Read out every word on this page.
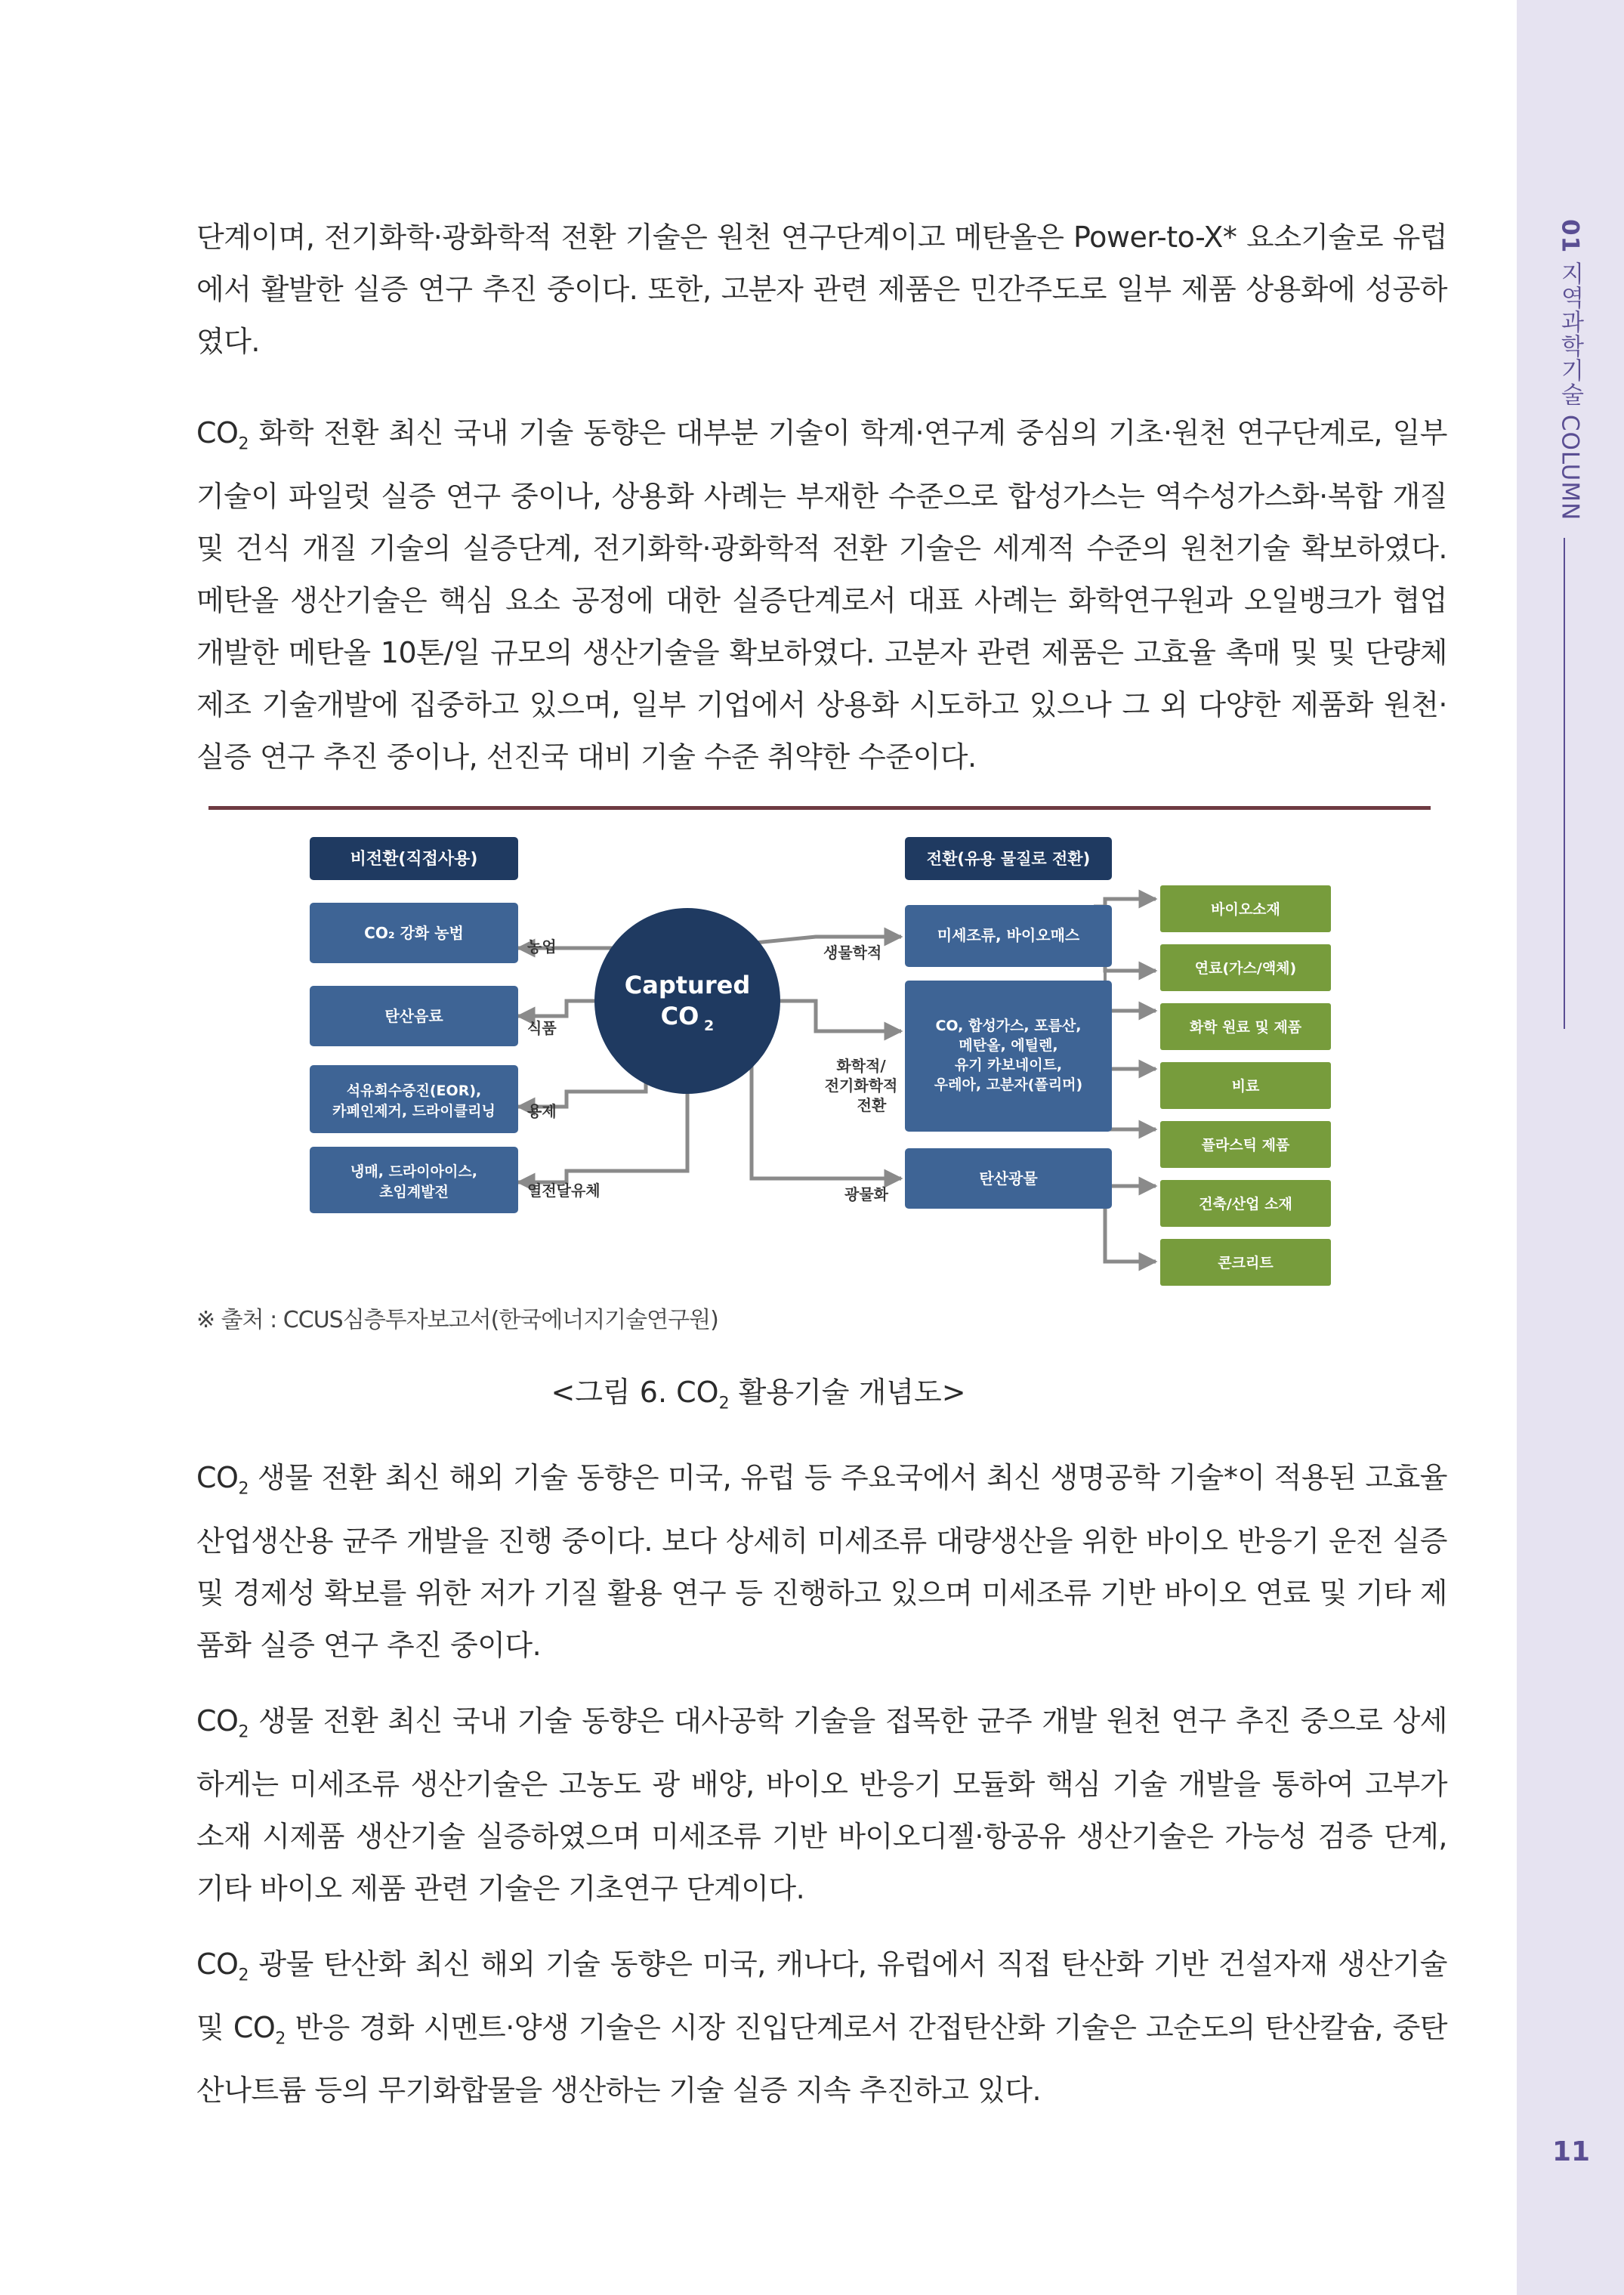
01 지역과학기술 COLUMN
11

단계이며, 전기화학·광화학적 전환 기술은 원천 연구단계이고 메탄올은 Power-to-X* 요소기술로 유럽에서 활발한 실증 연구 추진 중이다. 또한, 고분자 관련 제품은 민간주도로 일부 제품 상용화에 성공하였다.

$CO_2$ 화학 전환 최신 국내 기술 동향은 대부분 기술이 학계·연구계 중심의 기초·원천 연구단계로, 일부 기술이 파일럿 실증 연구 중이나, 상용화 사례는 부재한 수준으로 합성가스는 역수성가스화·복합 개질 및 건식 개질 기술의 실증단계, 전기화학·광화학적 전환 기술은 세계적 수준의 원천기술 확보하였다. 메탄올 생산기술은 핵심 요소 공정에 대한 실증단계로서 대표 사례는 화학연구원과 오일뱅크가 협업 개발한 메탄올 10톤/일 규모의 생산기술을 확보하였다. 고분자 관련 제품은 고효율 촉매 및 및 단량체 제조 기술개발에 집중하고 있으며, 일부 기업에서 상용화 시도하고 있으나 그 외 다양한 제품화 원천·실증 연구 추진 중이나, 선진국 대비 기술 수준 취약한 수준이다.

비전환(직접사용)
CO₂ 강화 농법
농업
탄산음료
식품
석유회수증진(EOR),
카페인제거, 드라이클리닝 용제
냉매, 드라이아이스,
초임계발전	열전달유체
Captured
CO 2
전환(유용 물질로 전환)
미세조류, 바이오매스
생물학적
CO, 합성가스, 포름산,
메탄올, 에틸렌,
유기 카보네이트,
우레아, 고분자(폴리머)
화학적/
전기화학적
전환
탄산광물
광물화
바이오소재
연료(가스/액체)
화학 원료 및 제품
비료
플라스틱 제품
건축/산업 소재
콘크리트
※ 출처 : CCUS심층투자보고서(한국에너지기술연구원)
<그림 6. $CO_2$ 활용기술 개념도>

$CO_2$ 생물 전환 최신 해외 기술 동향은 미국, 유럽 등 주요국에서 최신 생명공학 기술*이 적용된 고효율 산업생산용 균주 개발을 진행 중이다. 보다 상세히 미세조류 대량생산을 위한 바이오 반응기 운전 실증 및 경제성 확보를 위한 저가 기질 활용 연구 등 진행하고 있으며 미세조류 기반 바이오 연료 및 기타 제품화 실증 연구 추진 중이다.

$CO_2$ 생물 전환 최신 국내 기술 동향은 대사공학 기술을 접목한 균주 개발 원천 연구 추진 중으로 상세하게는 미세조류 생산기술은 고농도 광 배양, 바이오 반응기 모듈화 핵심 기술 개발을 통하여 고부가 소재 시제품 생산기술 실증하였으며 미세조류 기반 바이오디젤·항공유 생산기술은 가능성 검증 단계, 기타 바이오 제품 관련 기술은 기초연구 단계이다.

$CO_2$ 광물 탄산화 최신 해외 기술 동향은 미국, 캐나다, 유럽에서 직접 탄산화 기반 건설자재 생산기술 및 $CO_2$ 반응 경화 시멘트·양생 기술은 시장 진입단계로서 간접탄산화 기술은 고순도의 탄산칼슘, 중탄산나트륨 등의 무기화합물을 생산하는 기술 실증 지속 추진하고 있다.
